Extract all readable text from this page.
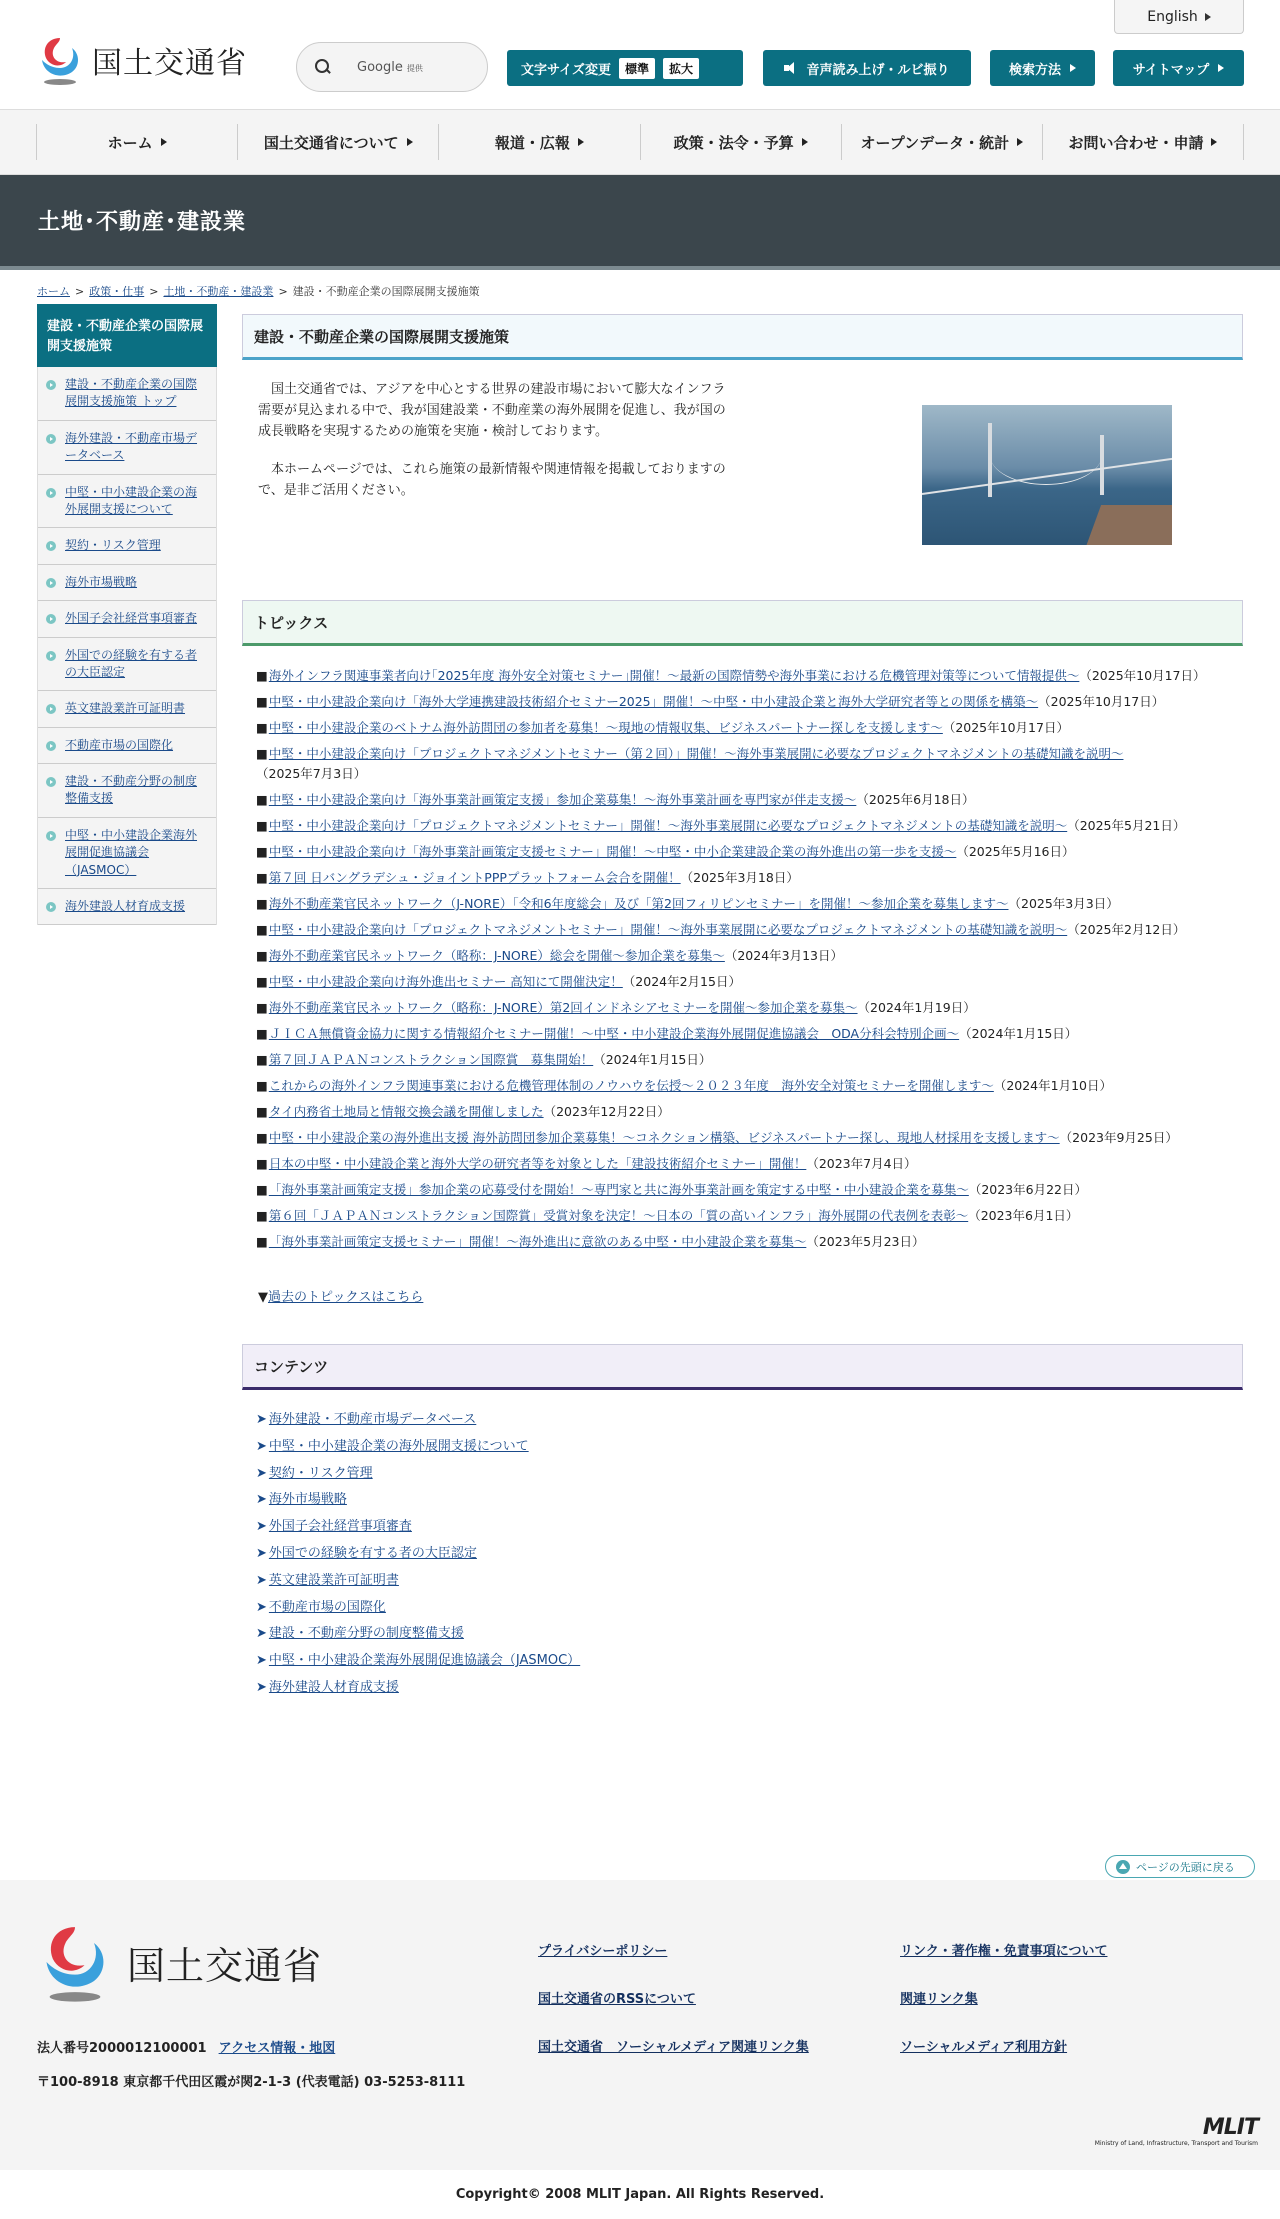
国土交通省	Google 提供
English
文字サイズ変更	標準	拡大	音声読み上げ・ルビ振り	検索方法	サイトマップ
ホーム	国土交通省について	報道・広報	政策・法令・予算	オープンデータ・統計	お問い合わせ・申請
土地･不動産･建設業
ホーム > 政策・仕事 > 土地・不動産・建設業 > 建設・不動産企業の国際展開支援施策
建設・不動産企業の国際展開支援施策
建設・不動産企業の国際展開支援施策 トップ
海外建設・不動産市場データベース
中堅・中小建設企業の海外展開支援について
契約・リスク管理
海外市場戦略
外国子会社経営事項審査
外国での経験を有する者の大臣認定
英文建設業許可証明書
不動産市場の国際化
建設・不動産分野の制度整備支援
中堅・中小建設企業海外展開促進協議会（JASMOC）
海外建設人材育成支援
建設・不動産企業の国際展開支援施策

国土交通省では、アジアを中心とする世界の建設市場において膨大なインフラ需要が見込まれる中で、我が国建設業・不動産業の海外展開を促進し、我が国の成長戦略を実現するための施策を実施・検討しております。

本ホームページでは、これら施策の最新情報や関連情報を掲載しておりますので、是非ご活用ください。

トピックス
■海外インフラ関連事業者向け｢2025年度 海外安全対策セミナー｣開催！～最新の国際情勢や海外事業における危機管理対策等について情報提供～（2025年10月17日）
■中堅・中小建設企業向け「海外大学連携建設技術紹介セミナー2025」開催！～中堅・中小建設企業と海外大学研究者等との関係を構築～（2025年10月17日）
■中堅・中小建設企業のベトナム海外訪問団の参加者を募集！～現地の情報収集、ビジネスパートナー探しを支援します～（2025年10月17日）
■中堅・中小建設企業向け「プロジェクトマネジメントセミナー（第２回）」開催！～海外事業展開に必要なプロジェクトマネジメントの基礎知識を説明～（2025年7月3日）
■中堅・中小建設企業向け「海外事業計画策定支援」参加企業募集！～海外事業計画を専門家が伴走支援～（2025年6月18日）
■中堅・中小建設企業向け「プロジェクトマネジメントセミナー」開催！～海外事業展開に必要なプロジェクトマネジメントの基礎知識を説明～（2025年5月21日）
■中堅・中小建設企業向け「海外事業計画策定支援セミナー」開催！～中堅・中小企業建設企業の海外進出の第一歩を支援～（2025年5月16日）
■第７回 日バングラデシュ・ジョイントPPPプラットフォーム会合を開催！（2025年3月18日）
■海外不動産業官民ネットワーク（J-NORE）「令和6年度総会」及び「第2回フィリピンセミナー」を開催！～参加企業を募集します～（2025年3月3日）
■中堅・中小建設企業向け「プロジェクトマネジメントセミナー」開催！～海外事業展開に必要なプロジェクトマネジメントの基礎知識を説明～（2025年2月12日）
■海外不動産業官民ネットワーク（略称：J-NORE）総会を開催～参加企業を募集～（2024年3月13日）
■中堅・中小建設企業向け海外進出セミナー 高知にて開催決定！（2024年2月15日）
■海外不動産業官民ネットワーク（略称：J-NORE）第2回インドネシアセミナーを開催～参加企業を募集～（2024年1月19日）
■ＪＩＣＡ無償資金協力に関する情報紹介セミナー開催！～中堅・中小建設企業海外展開促進協議会　ODA分科会特別企画～（2024年1月15日）
■第７回ＪＡＰＡＮコンストラクション国際賞　募集開始！（2024年1月15日）
■これからの海外インフラ関連事業における危機管理体制のノウハウを伝授～２０２３年度　海外安全対策セミナーを開催します～（2024年1月10日）
■タイ内務省土地局と情報交換会議を開催しました（2023年12月22日）
■中堅・中小建設企業の海外進出支援 海外訪問団参加企業募集！～コネクション構築、ビジネスパートナー探し、現地人材採用を支援します～（2023年9月25日）
■日本の中堅・中小建設企業と海外大学の研究者等を対象とした「建設技術紹介セミナー」開催！（2023年7月4日）
■「海外事業計画策定支援」参加企業の応募受付を開始！～専門家と共に海外事業計画を策定する中堅・中小建設企業を募集～（2023年6月22日）
■第６回「ＪＡＰＡＮコンストラクション国際賞」受賞対象を決定！～日本の「質の高いインフラ」海外展開の代表例を表彰～（2023年6月1日）
■「海外事業計画策定支援セミナー」開催！～海外進出に意欲のある中堅・中小建設企業を募集～（2023年5月23日）
▼過去のトピックスはこちら
コンテンツ
➤ 海外建設・不動産市場データベース
➤ 中堅・中小建設企業の海外展開支援について
➤ 契約・リスク管理
➤ 海外市場戦略
➤ 外国子会社経営事項審査
➤ 外国での経験を有する者の大臣認定
➤ 英文建設業許可証明書
➤ 不動産市場の国際化
➤ 建設・不動産分野の制度整備支援
➤ 中堅・中小建設企業海外展開促進協議会（JASMOC）
➤ 海外建設人材育成支援
ページの先頭に戻る
国土交通省
法人番号2000012100001 アクセス情報・地図
〒100-8918 東京都千代田区霞が関2-1-3 (代表電話) 03-5253-8111
プライバシーポリシー	リンク・著作権・免責事項について
国土交通省のRSSについて	関連リンク集
国土交通省　ソーシャルメディア関連リンク集	ソーシャルメディア利用方針
MLIT
Ministry of Land, Infrastructure, Transport and Tourism
Copyright© 2008 MLIT Japan. All Rights Reserved.
